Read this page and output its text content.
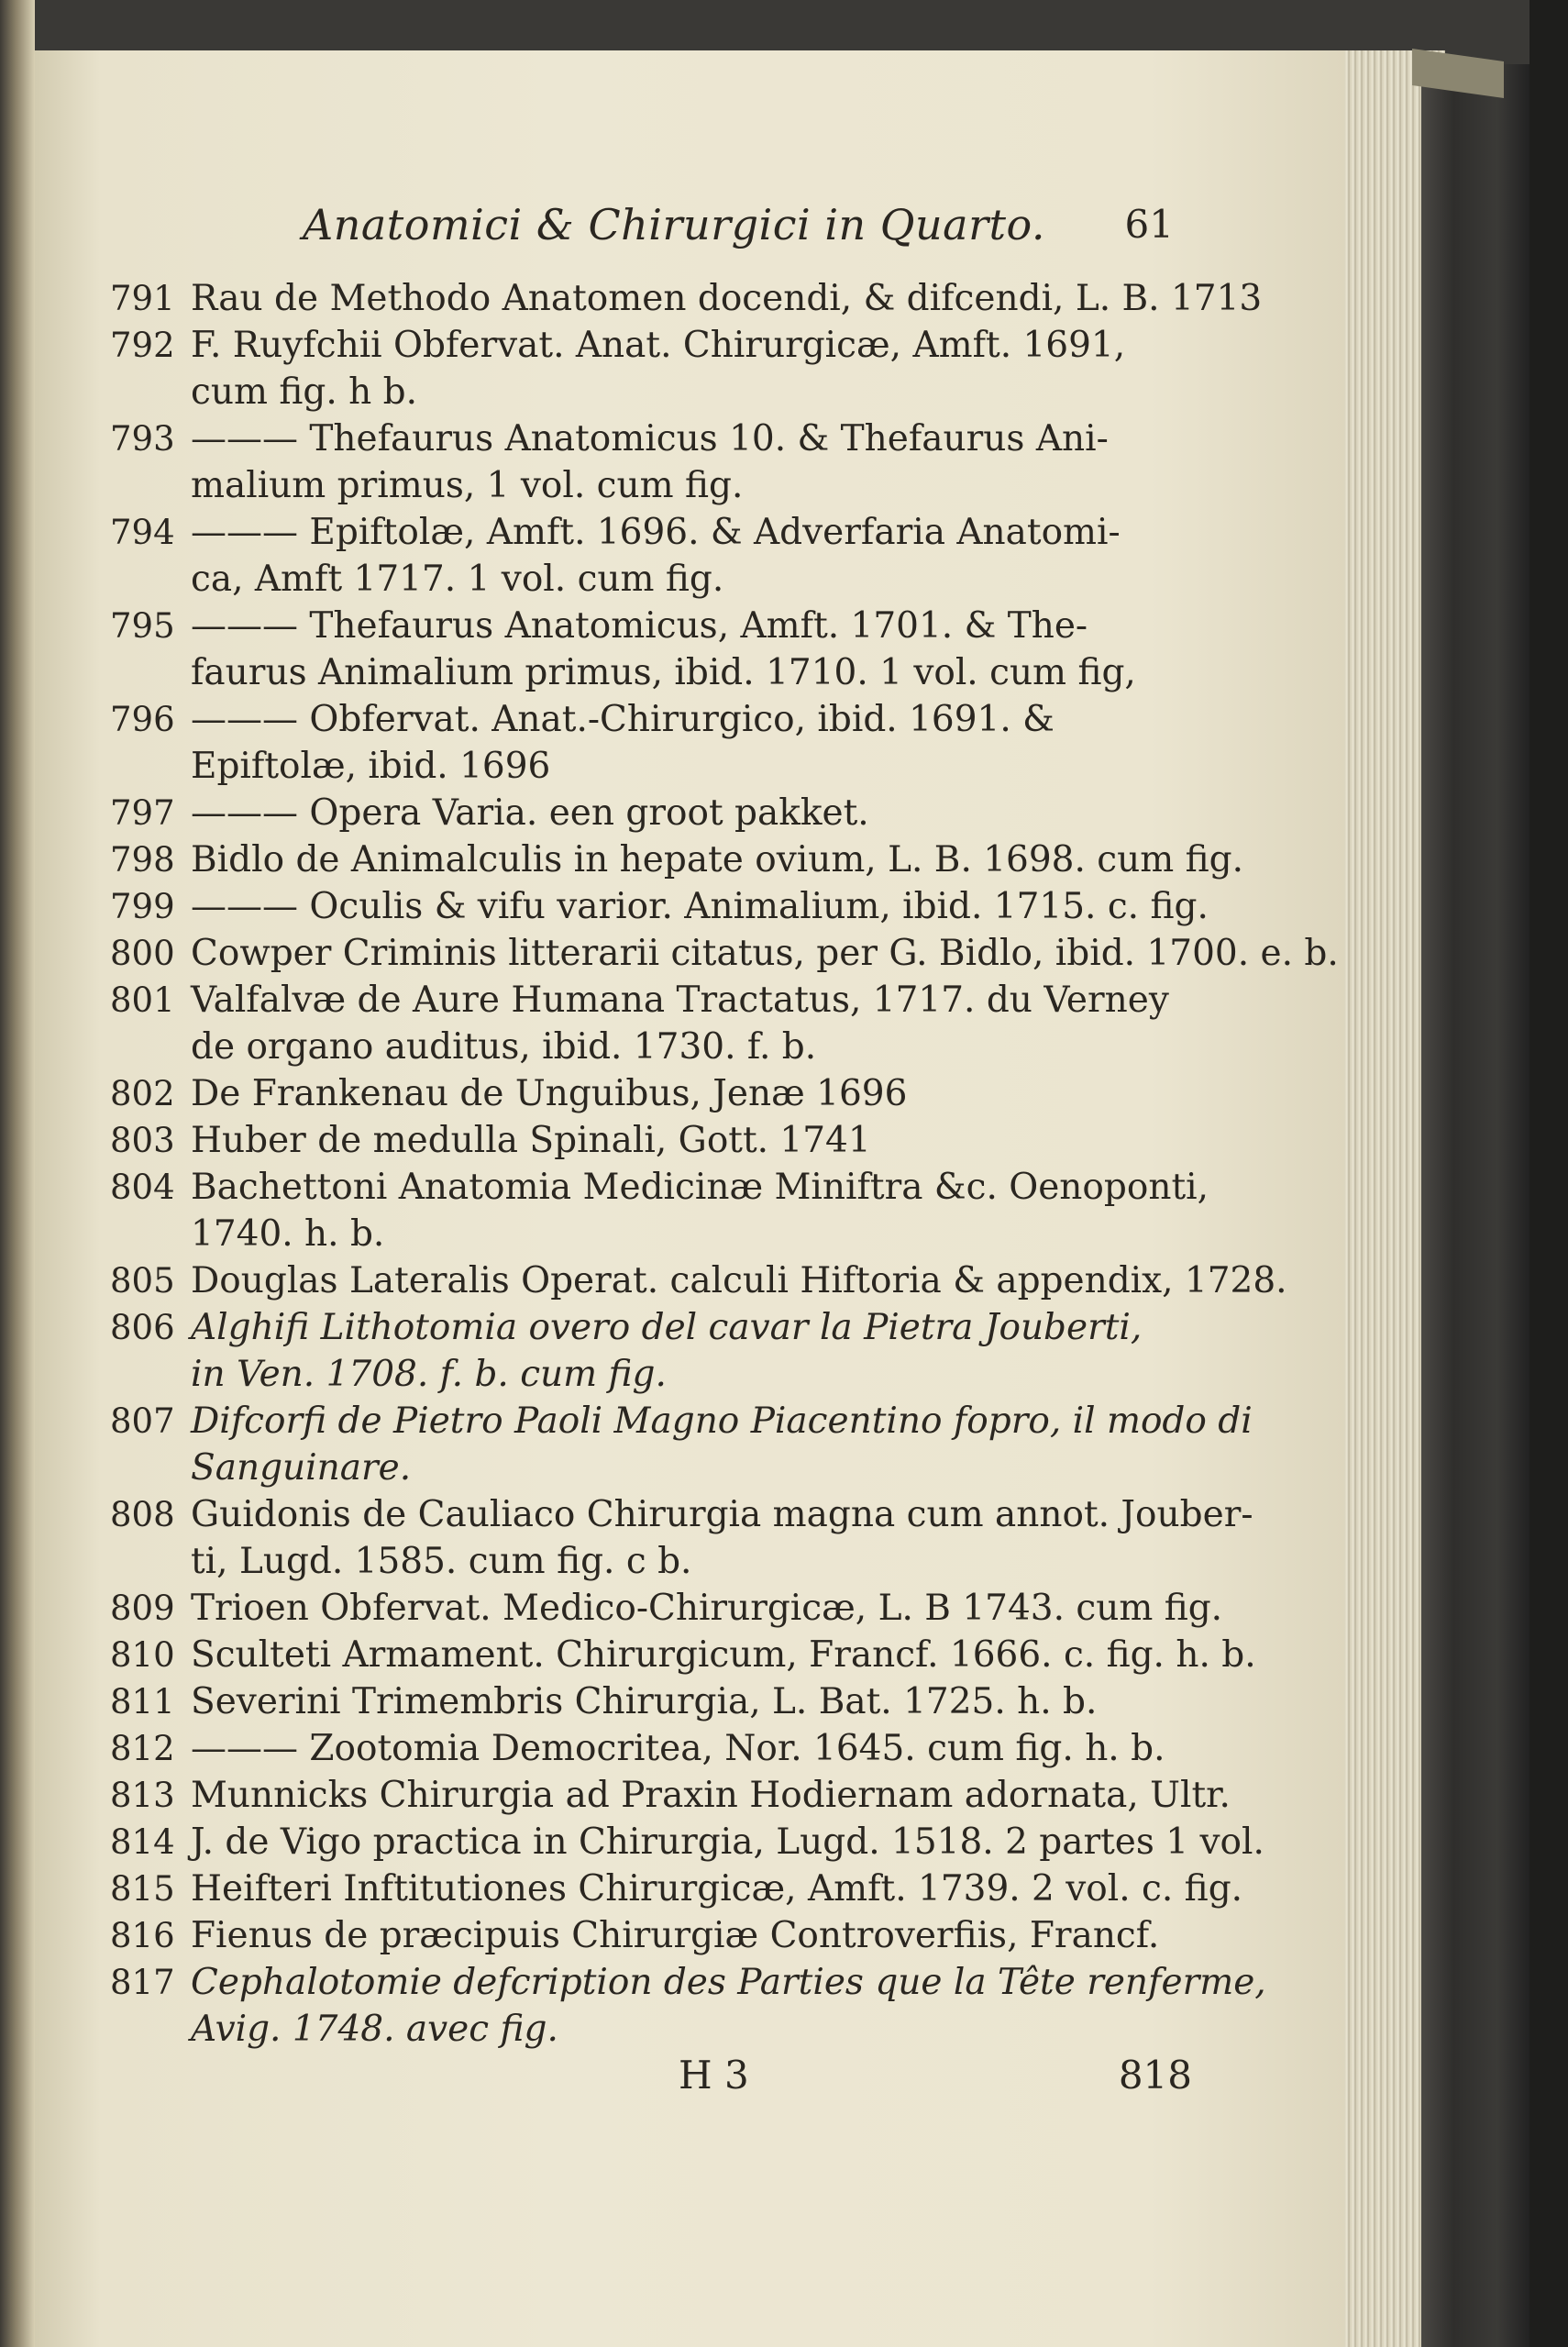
Anatomici & Chirurgici in Quarto. 61
791 Rau de Methodo Anatomen docendi, & difcendi, L. B. 1713
792 F. Ruyfchii Obfervat. Anat. Chirurgicæ, Amft. 1691,
cum fig. h b.
793 ——— Thefaurus Anatomicus 10. & Thefaurus Ani-
malium primus, 1 vol. cum fig.
794 ——— Epiftolæ, Amft. 1696. & Adverfaria Anatomi-
ca, Amft 1717. 1 vol. cum fig.
795 ——— Thefaurus Anatomicus, Amft. 1701. & The-
faurus Animalium primus, ibid. 1710. 1 vol. cum fig,
796 ——— Obfervat. Anat.-Chirurgico, ibid. 1691. &
Epiftolæ, ibid. 1696
797 ——— Opera Varia. een groot pakket.
798 Bidlo de Animalculis in hepate ovium, L. B. 1698. cum fig.
799 ——— Oculis & vifu varior. Animalium, ibid. 1715. c. fig.
800 Cowper Criminis litterarii citatus, per G. Bidlo, ibid. 1700. e. b.
801 Valfalvæ de Aure Humana Tractatus, 1717. du Verney
de organo auditus, ibid. 1730. f. b.
802 De Frankenau de Unguibus, Jenæ 1696
803 Huber de medulla Spinali, Gott. 1741
804 Bachettoni Anatomia Medicinæ Miniftra &c. Oenoponti,
1740. h. b.
805 Douglas Lateralis Operat. calculi Hiftoria & appendix, 1728.
806 Alghifi Lithotomia overo del cavar la Pietra Jouberti,
in Ven. 1708. f. b. cum fig.
807 Difcorfi de Pietro Paoli Magno Piacentino fopro, il modo di
Sanguinare.
808 Guidonis de Cauliaco Chirurgia magna cum annot. Jouber-
ti, Lugd. 1585. cum fig. c b.
809 Trioen Obfervat. Medico-Chirurgicæ, L. B 1743. cum fig.
810 Sculteti Armament. Chirurgicum, Francf. 1666. c. fig. h. b.
811 Severini Trimembris Chirurgia, L. Bat. 1725. h. b.
812 ——— Zootomia Democritea, Nor. 1645. cum fig. h. b.
813 Munnicks Chirurgia ad Praxin Hodiernam adornata, Ultr.
814 J. de Vigo practica in Chirurgia, Lugd. 1518. 2 partes 1 vol.
815 Heifteri Inftitutiones Chirurgicæ, Amft. 1739. 2 vol. c. fig.
816 Fienus de præcipuis Chirurgiæ Controverfiis, Francf.
817 Cephalotomie defcription des Parties que la Tête renferme,
Avig. 1748. avec fig.
H 3	818
